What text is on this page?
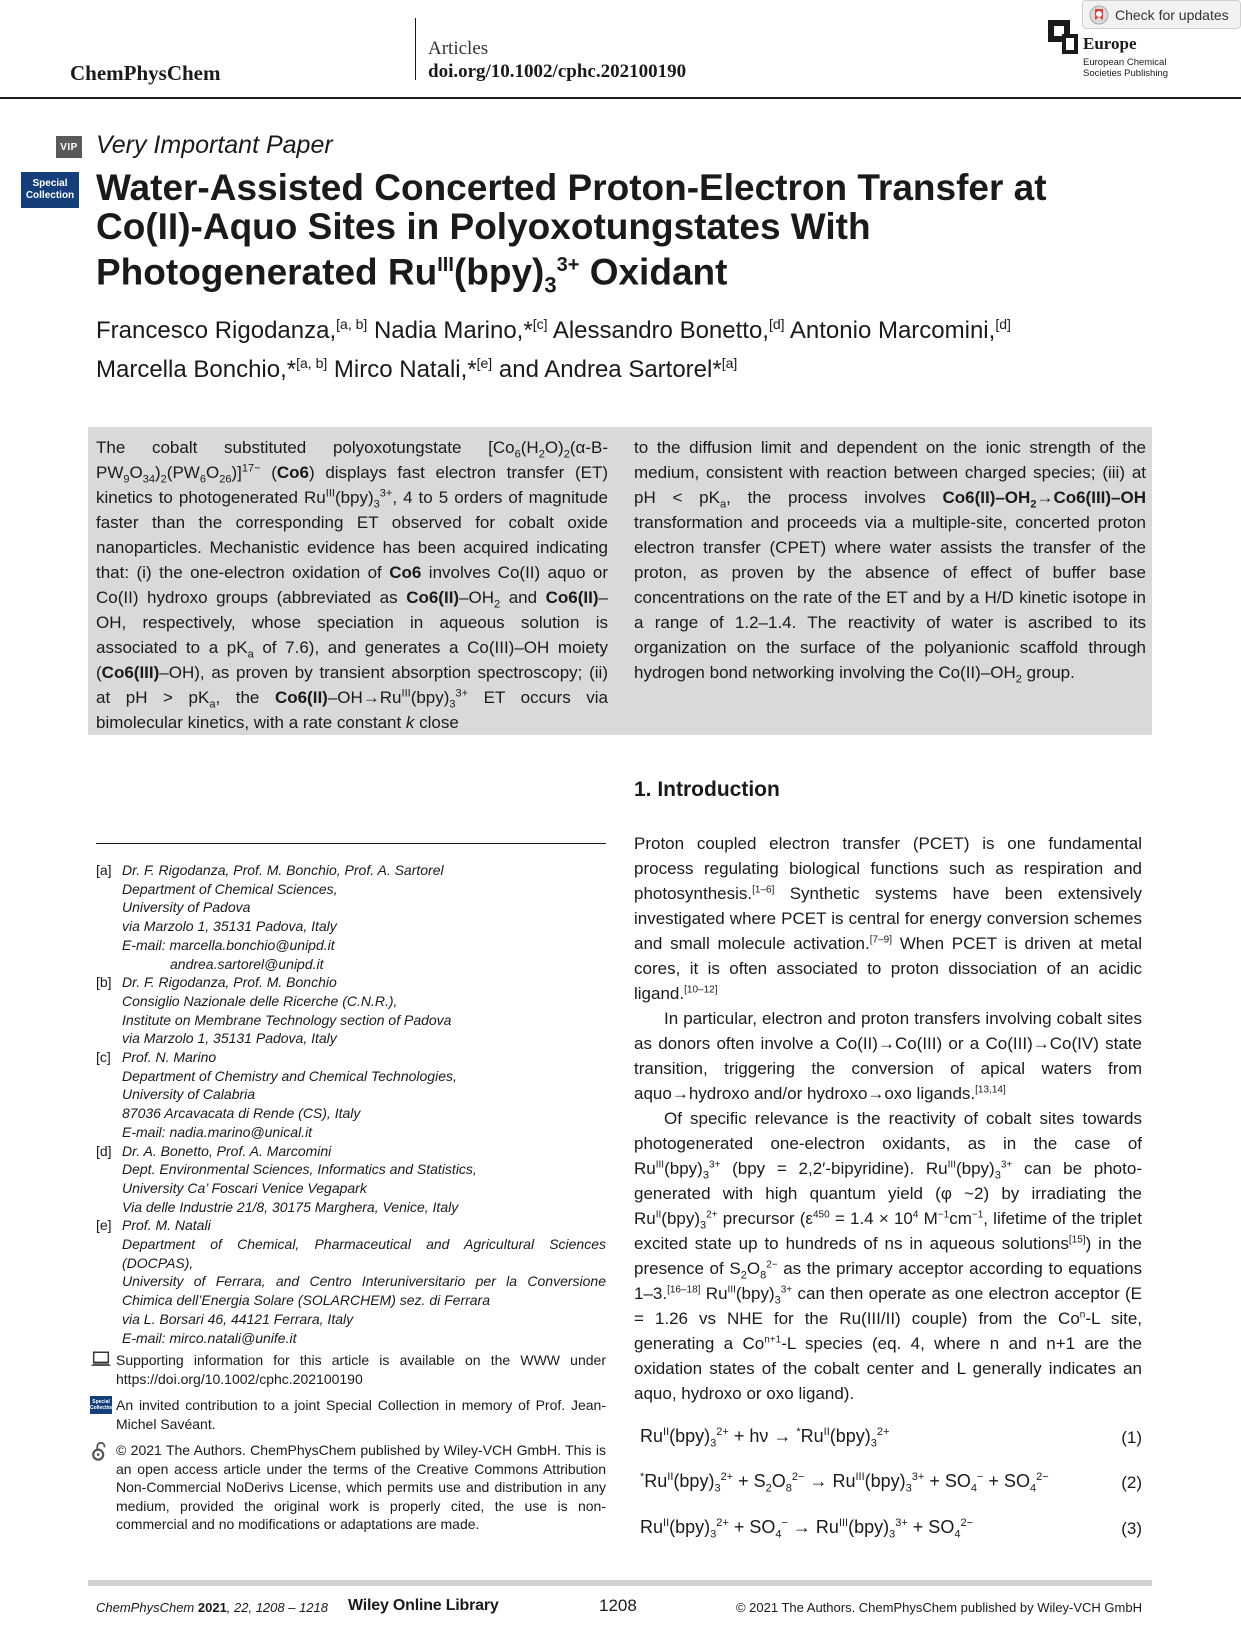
ChemPhysChem
Articles
doi.org/10.1002/cphc.202100190
Europe
European Chemical
Societies Publishing
Check for updates
VIP Very Important Paper
Special
Collection Water-Assisted Concerted Proton-Electron Transfer at
Co(II)-Aquo Sites in Polyoxotungstates With
Photogenerated $Ru^{III}(bpy)_3^{3+}$ Oxidant
Francesco Rigodanza,[a, b] Nadia Marino,*[c] Alessandro Bonetto,[d] Antonio Marcomini,[d]
Marcella Bonchio,*[a, b] Mirco Natali,*[e] and Andrea Sartorel*[a]
The cobalt substituted polyoxotungstate $[Co_6(H_2O)_2(\alpha-B-PW_9O_{34})_2(PW_6O_{26})]^{17-}$ (Co6) displays fast electron transfer (ET) kinetics to photogenerated $Ru^{III}(bpy)_3^{3+}$, 4 to 5 orders of magnitude faster than the corresponding ET observed for cobalt oxide nanoparticles. Mechanistic evidence has been acquired indicating that: (i) the one-electron oxidation of Co6 involves Co(II) aquo or Co(II) hydroxo groups (abbreviated as $Co6(II)-OH_2$ and Co6(II)–OH, respectively, whose speciation in aqueous solution is associated to a $pK_a$ of 7.6), and generates a Co(III)–OH moiety (Co6(III)–OH), as proven by transient absorption spectroscopy; (ii) at pH > $pK_a$, the $Co6(II)-OH\to Ru^{III}(bpy)_3^{3+}$ ET occurs via bimolecular kinetics, with a rate constant k close
to the diffusion limit and dependent on the ionic strength of the medium, consistent with reaction between charged species; (iii) at pH < $pK_a$, the process involves $Co6(II)-OH_2\to Co6(III)-OH$ transformation and proceeds via a multiple-site, concerted proton electron transfer (CPET) where water assists the transfer of the proton, as proven by the absence of effect of buffer base concentrations on the rate of the ET and by a H/D kinetic isotope in a range of 1.2–1.4. The reactivity of water is ascribed to its organization on the surface of the polyanionic scaffold through hydrogen bond networking involving the $Co(II)-OH_2$ group.
[a] Dr. F. Rigodanza, Prof. M. Bonchio, Prof. A. Sartorel
Department of Chemical Sciences,
University of Padova
via Marzolo 1, 35131 Padova, Italy
E-mail: marcella.bonchio@unipd.it
andrea.sartorel@unipd.it
[b] Dr. F. Rigodanza, Prof. M. Bonchio
Consiglio Nazionale delle Ricerche (C.N.R.),
Institute on Membrane Technology section of Padova
via Marzolo 1, 35131 Padova, Italy
[c] Prof. N. Marino
Department of Chemistry and Chemical Technologies,
University of Calabria
87036 Arcavacata di Rende (CS), Italy
E-mail: nadia.marino@unical.it
[d] Dr. A. Bonetto, Prof. A. Marcomini
Dept. Environmental Sciences, Informatics and Statistics,
University Ca’ Foscari Venice Vegapark
Via delle Industrie 21/8, 30175 Marghera, Venice, Italy
[e] Prof. M. Natali
Department of Chemical, Pharmaceutical and Agricultural Sciences
(DOCPAS),
University of Ferrara, and Centro Interuniversitario per la Conversione
Chimica dell’Energia Solare (SOLARCHEM) sez. di Ferrara
via L. Borsari 46, 44121 Ferrara, Italy
E-mail: mirco.natali@unife.it
Supporting information for this article is available on the WWW under https://doi.org/10.1002/cphc.202100190
Special
Collection An invited contribution to a joint Special Collection in memory of Prof. Jean-Michel Savéant.
© 2021 The Authors. ChemPhysChem published by Wiley-VCH GmbH. This is an open access article under the terms of the Creative Commons Attribution Non-Commercial NoDerivs License, which permits use and distribution in any medium, provided the original work is properly cited, the use is non-commercial and no modifications or adaptations are made.
1. Introduction

Proton coupled electron transfer (PCET) is one fundamental process regulating biological functions such as respiration and photosynthesis.[1–6] Synthetic systems have been extensively investigated where PCET is central for energy conversion schemes and small molecule activation.[7–9] When PCET is driven at metal cores, it is often associated to proton dissociation of an acidic ligand.[10–12]

In particular, electron and proton transfers involving cobalt sites as donors often involve a Co(II)→Co(III) or a Co(III)→Co(IV) state transition, triggering the conversion of apical waters from aquo→hydroxo and/or hydroxo→oxo ligands.[13,14]

Of specific relevance is the reactivity of cobalt sites towards photogenerated one-electron oxidants, as in the case of $Ru^{III}(bpy)_3^{3+}$ (bpy = 2,2′-bipyridine). $Ru^{III}(bpy)_3^{3+}$ can be photogenerated with high quantum yield (φ ~2) by irradiating the $Ru^{II}(bpy)_3^{2+}$ precursor ($\varepsilon^{450} = 1.4 \times 10^4$ $M^{-1}cm^{-1}$, lifetime of the triplet excited state up to hundreds of ns in aqueous solutions[15]) in the presence of $S_2O_8^{2-}$ as the primary acceptor according to equations 1–3.[16–18] $Ru^{III}(bpy)_3^{3+}$ can then operate as one electron acceptor (E = 1.26 vs NHE for the Ru(III/II) couple) from the Co$^n$-L site, generating a $Co^{n+1}-L$ species (eq. 4, where n and n+1 are the oxidation states of the cobalt center and L generally indicates an aquo, hydroxo or oxo ligand).

$Ru^{II}(bpy)_3^{2+} + h\nu \to ^*Ru^{II}(bpy)_3^{2+}$	(1)
$^*Ru^{II}(bpy)_3^{2+} + S_2O_8^{2-} \to Ru^{III}(bpy)_3^{3+} + SO_4^- + SO_4^{2-}$	(2)
$Ru^{II}(bpy)_3^{2+} + SO_4^- \to Ru^{III}(bpy)_3^{3+} + SO_4^{2-}$	(3)
ChemPhysChem 2021, 22, 1208 – 1218 Wiley Online Library	1208	© 2021 The Authors. ChemPhysChem published by Wiley-VCH GmbH
